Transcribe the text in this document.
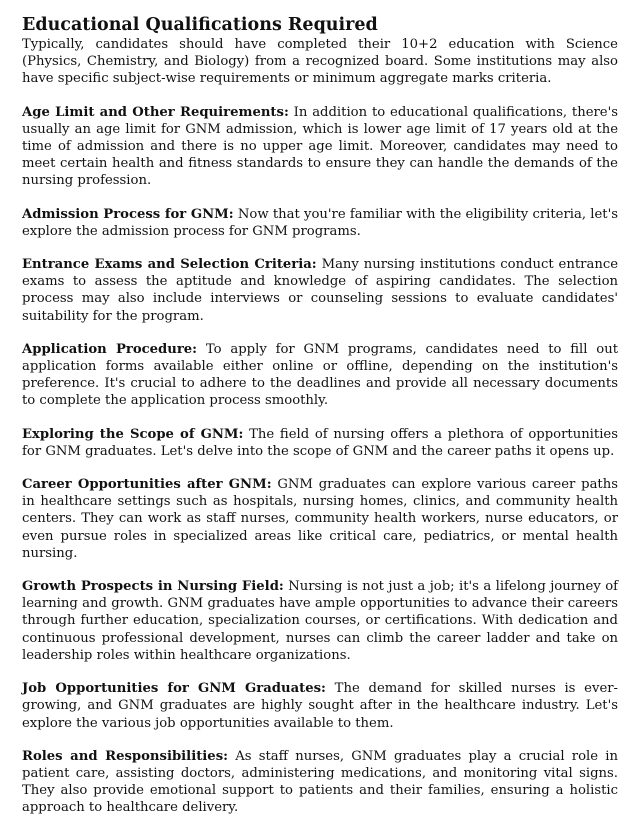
Educational Qualifications Required

Typically, candidates should have completed their 10+2 education with Science (Physics, Chemistry, and Biology) from a recognized board. Some institutions may also have specific subject-wise requirements or minimum aggregate marks criteria.

Age Limit and Other Requirements: In addition to educational qualifications, there's usually an age limit for GNM admission, which is lower age limit of 17 years old at the time of admission and there is no upper age limit. Moreover, candidates may need to meet certain health and fitness standards to ensure they can handle the demands of the nursing profession.

Admission Process for GNM: Now that you're familiar with the eligibility criteria, let's explore the admission process for GNM programs.

Entrance Exams and Selection Criteria: Many nursing institutions conduct entrance exams to assess the aptitude and knowledge of aspiring candidates. The selection process may also include interviews or counseling sessions to evaluate candidates' suitability for the program.

Application Procedure: To apply for GNM programs, candidates need to fill out application forms available either online or offline, depending on the institution's preference. It's crucial to adhere to the deadlines and provide all necessary documents to complete the application process smoothly.

Exploring the Scope of GNM: The field of nursing offers a plethora of opportunities for GNM graduates. Let's delve into the scope of GNM and the career paths it opens up.

Career Opportunities after GNM: GNM graduates can explore various career paths in healthcare settings such as hospitals, nursing homes, clinics, and community health centers. They can work as staff nurses, community health workers, nurse educators, or even pursue roles in specialized areas like critical care, pediatrics, or mental health nursing.

Growth Prospects in Nursing Field: Nursing is not just a job; it's a lifelong journey of learning and growth. GNM graduates have ample opportunities to advance their careers through further education, specialization courses, or certifications. With dedication and continuous professional development, nurses can climb the career ladder and take on leadership roles within healthcare organizations.

Job Opportunities for GNM Graduates: The demand for skilled nurses is ever-growing, and GNM graduates are highly sought after in the healthcare industry. Let's explore the various job opportunities available to them.

Roles and Responsibilities: As staff nurses, GNM graduates play a crucial role in patient care, assisting doctors, administering medications, and monitoring vital signs. They also provide emotional support to patients and their families, ensuring a holistic approach to healthcare delivery.
